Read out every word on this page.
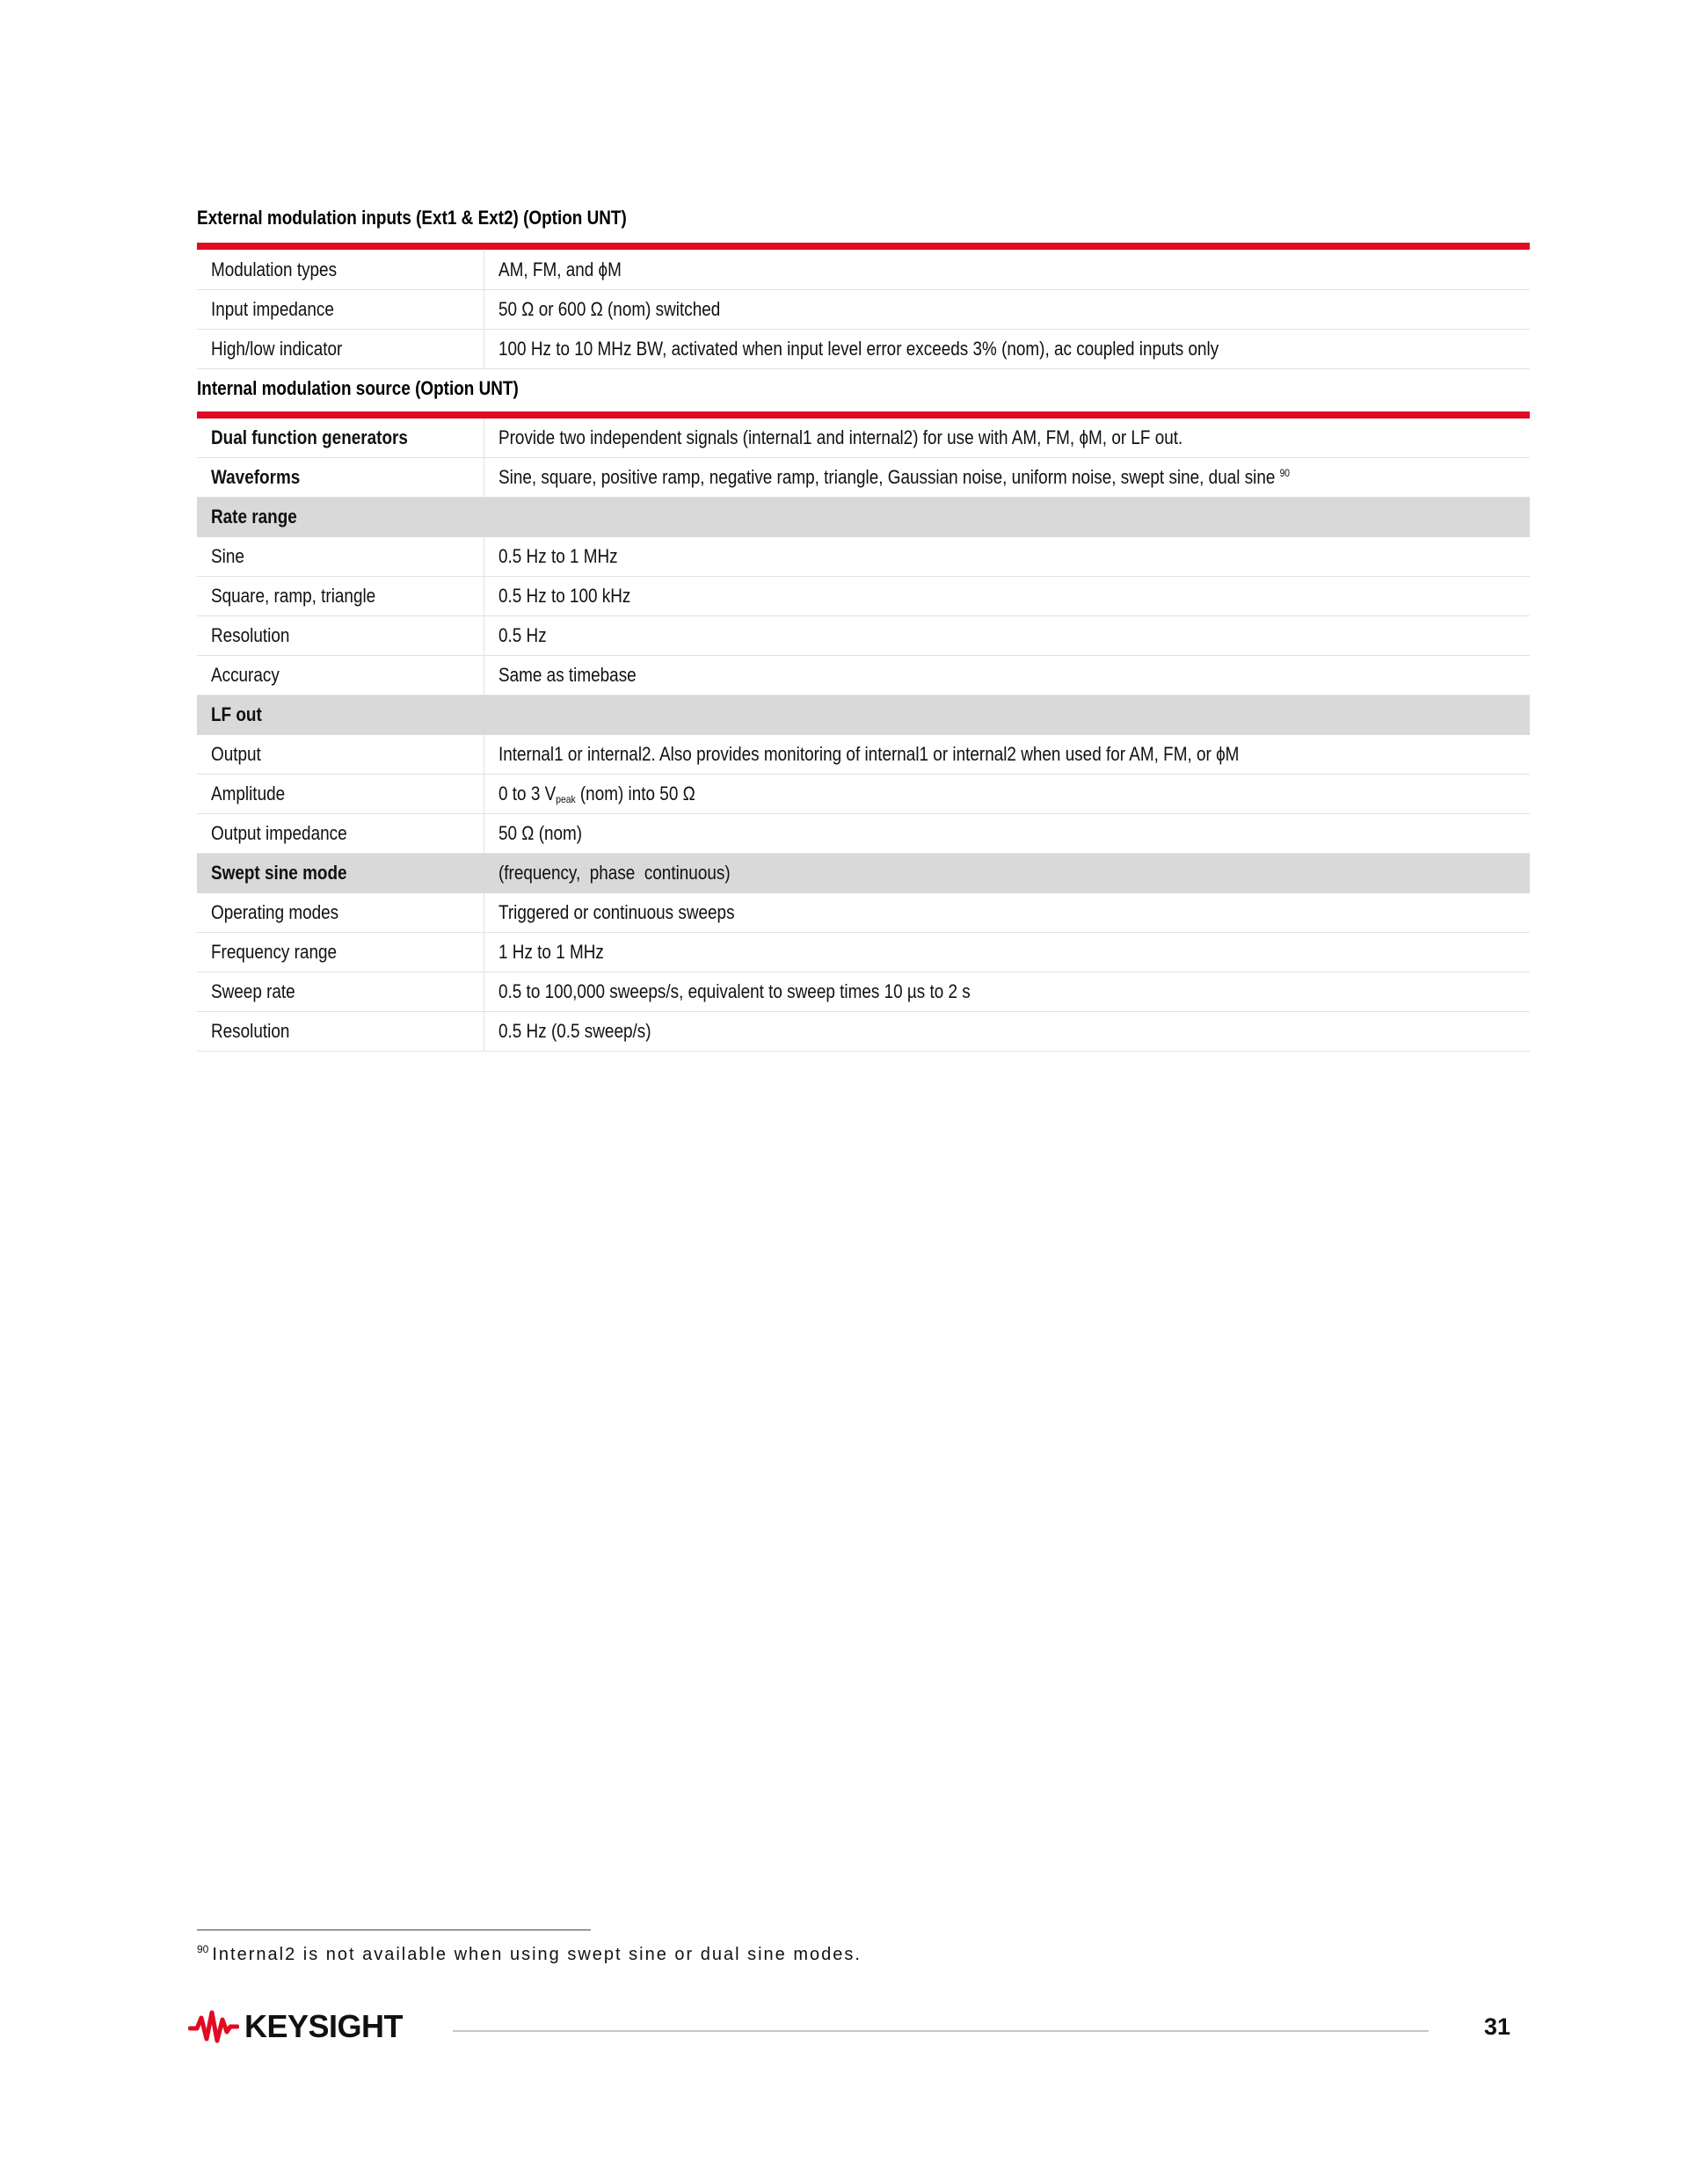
External modulation inputs (Ext1 & Ext2) (Option UNT)
Modulation types	AM, FM, and ϕM
Input impedance	50 Ω or 600 Ω (nom) switched
High/low indicator	100 Hz to 10 MHz BW, activated when input level error exceeds 3% (nom), ac coupled inputs only
Internal modulation source (Option UNT)
Dual function generators	Provide two independent signals (internal1 and internal2) for use with AM, FM, ϕM, or LF out.
Waveforms	Sine, square, positive ramp, negative ramp, triangle, Gaussian noise, uniform noise, swept sine, dual sine $^{90}$
Rate range
Sine	0.5 Hz to 1 MHz
Square, ramp, triangle	0.5 Hz to 100 kHz
Resolution	0.5 Hz
Accuracy	Same as timebase
LF out
Output	Internal1 or internal2. Also provides monitoring of internal1 or internal2 when used for AM, FM, or ϕM
Amplitude	0 to 3 $V_{peak}$ (nom) into 50 Ω
Output impedance	50 Ω (nom)
Swept sine mode	(frequency,  phase  continuous)
Operating modes	Triggered or continuous sweeps
Frequency range	1 Hz to 1 MHz
Sweep rate	0.5 to 100,000 sweeps/s, equivalent to sweep times 10 µs to 2 s
Resolution	0.5 Hz (0.5 sweep/s)
$^{90}$ Internal2 is not available when using swept sine or dual sine modes.
KEYSIGHT	31
